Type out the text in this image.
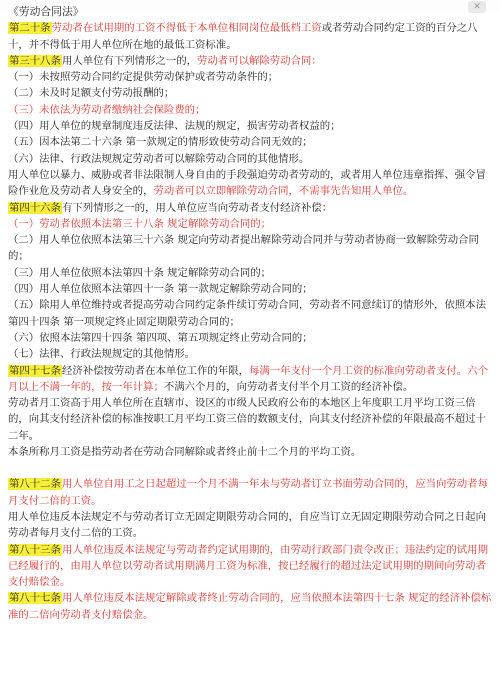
✕

《劳动合同法》

第二十条劳动者在试用期的工资不得低于本单位相同岗位最低档工资或者劳动合同约定工资的百分之八十，并不得低于用人单位所在地的最低工资标准。

第三十八条用人单位有下列情形之一的，劳动者可以解除劳动合同：

（一）未按照劳动合同约定提供劳动保护或者劳动条件的；

（二）未及时足额支付劳动报酬的；

（三）未依法为劳动者缴纳社会保险费的；

（四）用人单位的规章制度违反法律、法规的规定，损害劳动者权益的；

（五）因本法第二十六条 第一款规定的情形致使劳动合同无效的；

（六）法律、行政法规规定劳动者可以解除劳动合同的其他情形。

用人单位以暴力、威胁或者非法限制人身自由的手段强迫劳动者劳动的，或者用人单位违章指挥、强令冒险作业危及劳动者人身安全的，劳动者可以立即解除劳动合同，不需事先告知用人单位。

第四十六条有下列情形之一的，用人单位应当向劳动者支付经济补偿：

（一）劳动者依照本法第三十八条 规定解除劳动合同的；

（二）用人单位依照本法第三十六条 规定向劳动者提出解除劳动合同并与劳动者协商一致解除劳动合同的；

（三）用人单位依照本法第四十条 规定解除劳动合同的；

（四）用人单位依照本法第四十一条 第一款规定解除劳动合同的；

（五）除用人单位维持或者提高劳动合同约定条件续订劳动合同，劳动者不同意续订的情形外，依照本法第四十四条 第一项规定终止固定期限劳动合同的；

（六）依照本法第四十四条 第四项、第五项规定终止劳动合同的；

（七）法律、行政法规规定的其他情形。

第四十七条经济补偿按劳动者在本单位工作的年限，每满一年支付一个月工资的标准向劳动者支付。六个月以上不满一年的，按一年计算；不满六个月的，向劳动者支付半个月工资的经济补偿。

劳动者月工资高于用人单位所在直辖市、设区的市级人民政府公布的本地区上年度职工月平均工资三倍的，向其支付经济补偿的标准按职工月平均工资三倍的数额支付，向其支付经济补偿的年限最高不超过十二年。

本条所称月工资是指劳动者在劳动合同解除或者终止前十二个月的平均工资。

第八十二条用人单位自用工之日起超过一个月不满一年未与劳动者订立书面劳动合同的，应当向劳动者每月支付二倍的工资。

用人单位违反本法规定不与劳动者订立无固定期限劳动合同的，自应当订立无固定期限劳动合同之日起向劳动者每月支付二倍的工资。

第八十三条用人单位违反本法规定与劳动者约定试用期的，由劳动行政部门责令改正；违法约定的试用期已经履行的，由用人单位以劳动者试用期满月工资为标准，按已经履行的超过法定试用期的期间向劳动者支付赔偿金。

第八十七条用人单位违反本法规定解除或者终止劳动合同的，应当依照本法第四十七条 规定的经济补偿标准的二倍向劳动者支付赔偿金。
